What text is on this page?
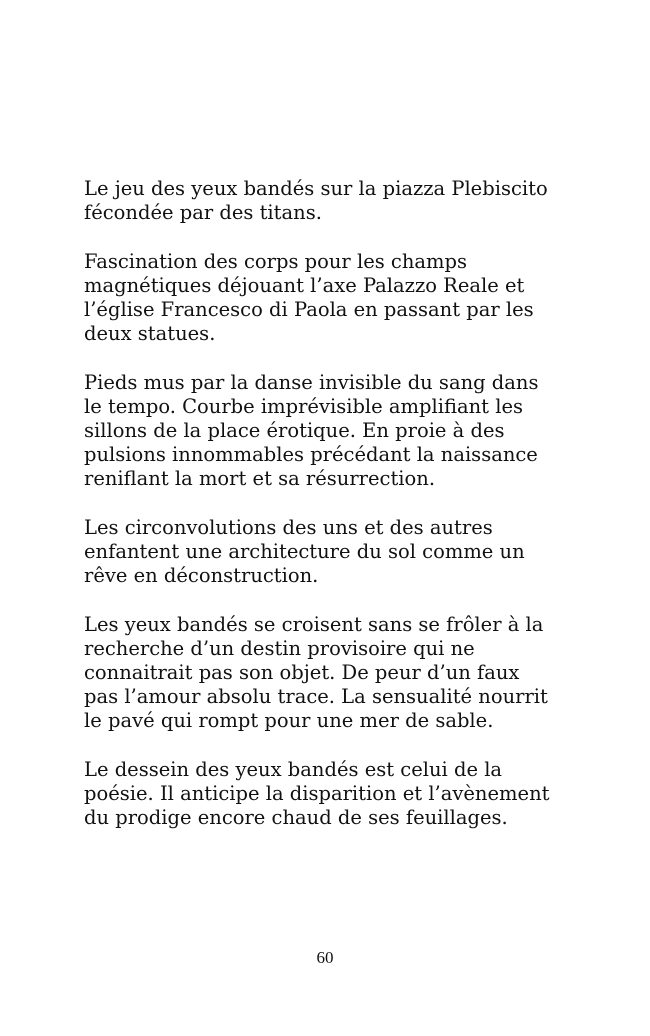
Le jeu des yeux bandés sur la piazza Plebiscito
fécondée par des titans.

Fascination des corps pour les champs
magnétiques déjouant l’axe Palazzo Reale et
l’église Francesco di Paola en passant par les
deux statues.

Pieds mus par la danse invisible du sang dans
le tempo. Courbe imprévisible amplifiant les
sillons de la place érotique. En proie à des
pulsions innommables précédant la naissance
reniflant la mort et sa résurrection.

Les circonvolutions des uns et des autres
enfantent une architecture du sol comme un
rêve en déconstruction.

Les yeux bandés se croisent sans se frôler à la
recherche d’un destin provisoire qui ne
connaitrait pas son objet. De peur d’un faux
pas l’amour absolu trace. La sensualité nourrit
le pavé qui rompt pour une mer de sable.

Le dessein des yeux bandés est celui de la
poésie. Il anticipe la disparition et l’avènement
du prodige encore chaud de ses feuillages.

60
